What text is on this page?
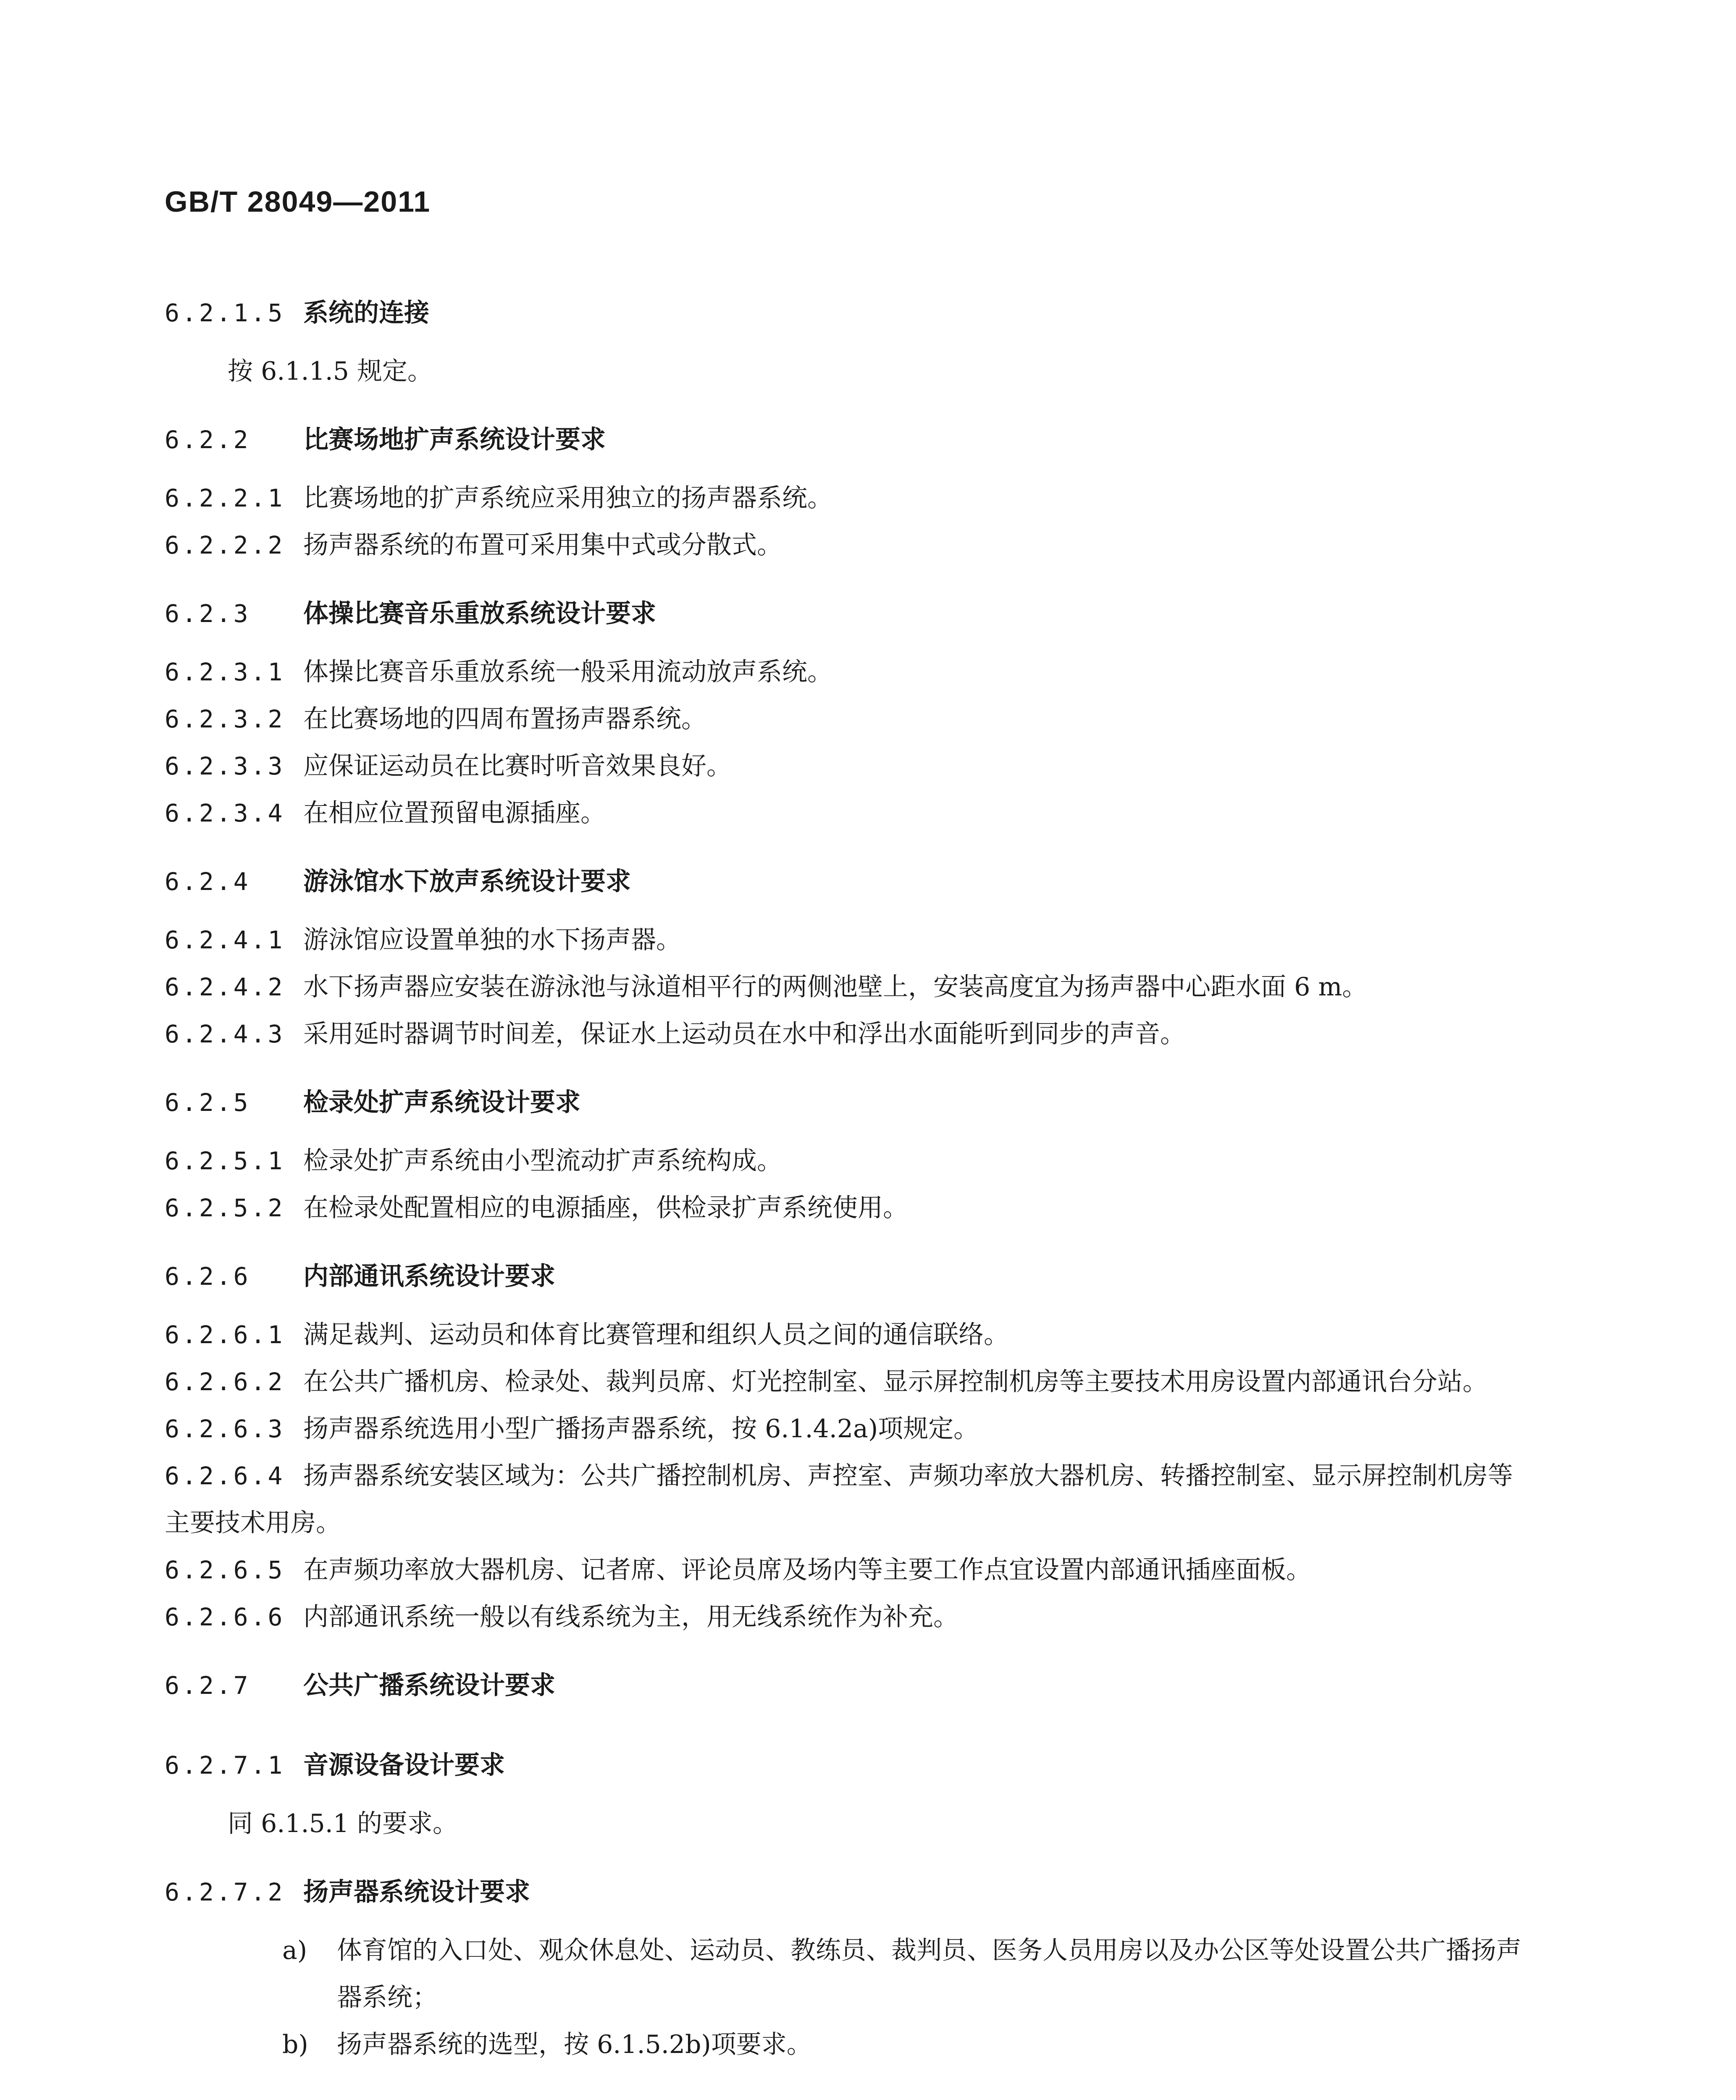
GB/T 28049—2011

6.2.1.5 系统的连接

按 6.1.1.5 规定。

6.2.2 比赛场地扩声系统设计要求

6.2.2.1 比赛场地的扩声系统应采用独立的扬声器系统。

6.2.2.2 扬声器系统的布置可采用集中式或分散式。

6.2.3 体操比赛音乐重放系统设计要求

6.2.3.1 体操比赛音乐重放系统一般采用流动放声系统。

6.2.3.2 在比赛场地的四周布置扬声器系统。

6.2.3.3 应保证运动员在比赛时听音效果良好。

6.2.3.4 在相应位置预留电源插座。

6.2.4 游泳馆水下放声系统设计要求

6.2.4.1 游泳馆应设置单独的水下扬声器。

6.2.4.2 水下扬声器应安装在游泳池与泳道相平行的两侧池壁上，安装高度宜为扬声器中心距水面 6 m。

6.2.4.3 采用延时器调节时间差，保证水上运动员在水中和浮出水面能听到同步的声音。

6.2.5 检录处扩声系统设计要求

6.2.5.1 检录处扩声系统由小型流动扩声系统构成。

6.2.5.2 在检录处配置相应的电源插座，供检录扩声系统使用。

6.2.6 内部通讯系统设计要求

6.2.6.1 满足裁判、运动员和体育比赛管理和组织人员之间的通信联络。

6.2.6.2 在公共广播机房、检录处、裁判员席、灯光控制室、显示屏控制机房等主要技术用房设置内部通讯台分站。

6.2.6.3 扬声器系统选用小型广播扬声器系统，按 6.1.4.2a)项规定。

6.2.6.4 扬声器系统安装区域为：公共广播控制机房、声控室、声频功率放大器机房、转播控制室、显示屏控制机房等主要技术用房。

6.2.6.5 在声频功率放大器机房、记者席、评论员席及场内等主要工作点宜设置内部通讯插座面板。

6.2.6.6 内部通讯系统一般以有线系统为主，用无线系统作为补充。

6.2.7 公共广播系统设计要求

6.2.7.1 音源设备设计要求

同 6.1.5.1 的要求。

6.2.7.2 扬声器系统设计要求

a) 体育馆的入口处、观众休息处、运动员、教练员、裁判员、医务人员用房以及办公区等处设置公共广播扬声器系统；

b) 扬声器系统的选型，按 6.1.5.2b)项要求。
